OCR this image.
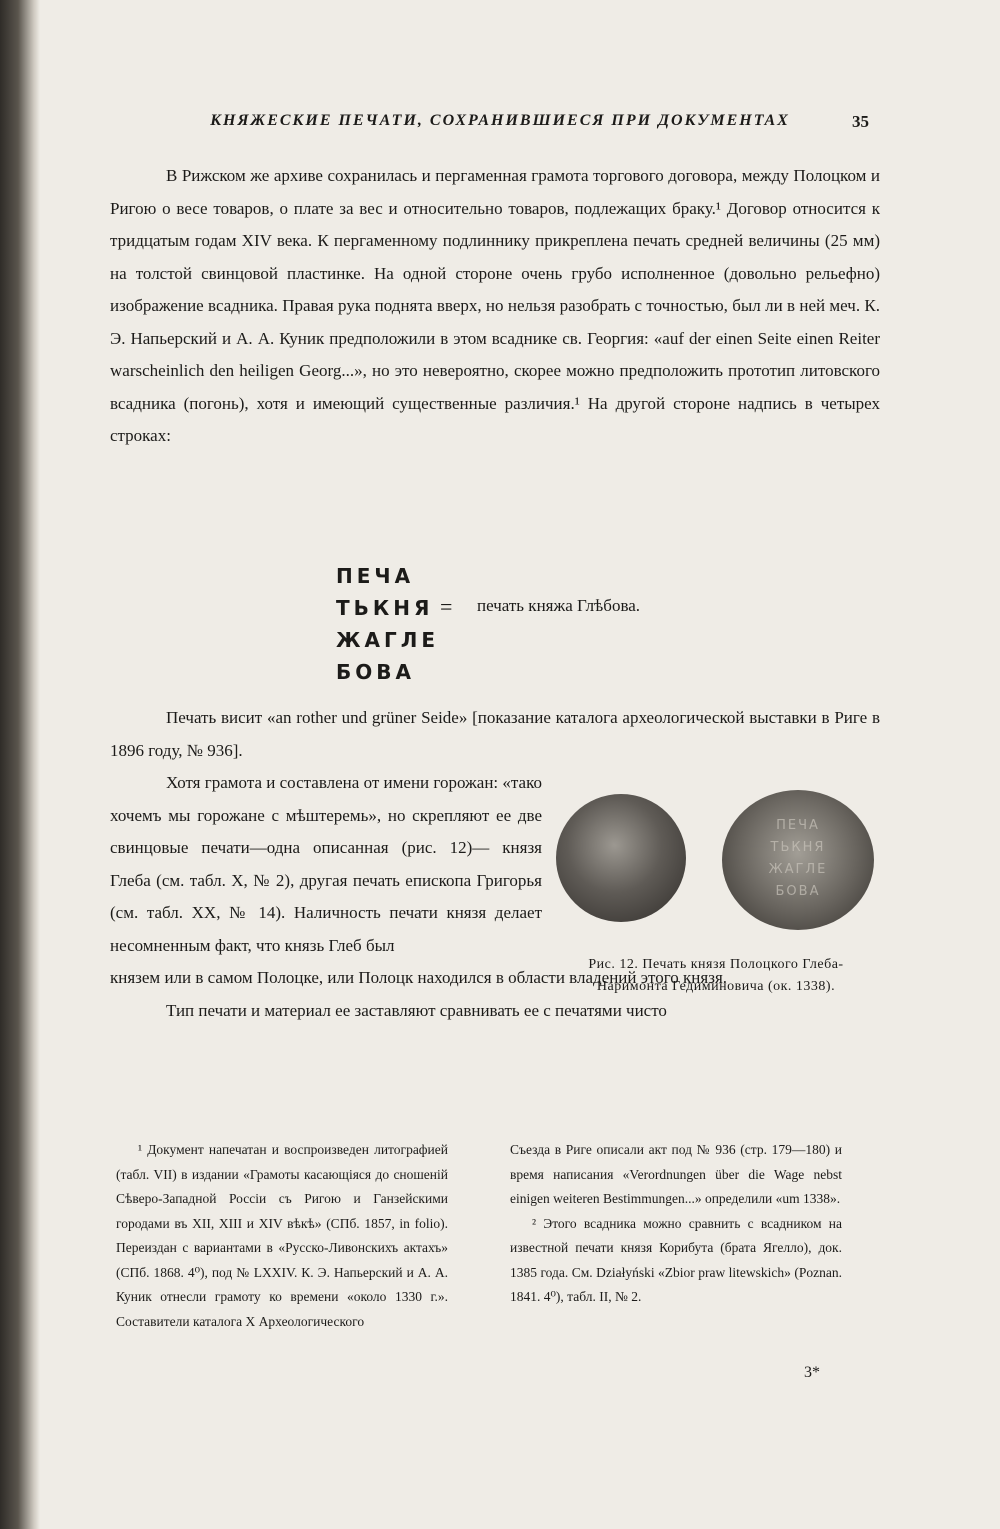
КНЯЖЕСКИЕ ПЕЧАТИ, СОХРАНИВШИЕСЯ ПРИ ДОКУМЕНТАХ	35

В Рижском же архиве сохранилась и пергаменная грамота торгового договора, между Полоцком и Ригою о весе товаров, о плате за вес и относительно товаров, подлежащих браку.¹ Договор относится к тридцатым годам XIV века. К пергаменному подлиннику прикреплена печать средней величины (25 мм) на толстой свинцовой пластинке. На одной стороне очень грубо исполненное (довольно рельефно) изображение всадника. Правая рука поднята вверх, но нельзя разобрать с точностью, был ли в ней меч. К. Э. Напьерский и А. А. Куник предположили в этом всаднике св. Георгия: «auf der einen Seite einen Reiter warscheinlich den heiligen Georg...», но это невероятно, скорее можно предположить прототип литовского всадника (погонь), хотя и имеющий существенные различия.¹ На другой стороне надпись в четырех строках:

ПЕЧА
ТЬКНЯ
ЖАГЛЕ
БОВА
= печать княжа Глѣбова.

Печать висит «an rother und grüner Seide» [показание каталога археологической выставки в Риге в 1896 году, № 936].

Хотя грамота и составлена от имени горожан: «тако хочемъ мы горожане с мѣштеремь», но скрепляют ее две свинцовые печати—одна описанная (рис. 12)— князя Глеба (см. табл. X, № 2), другая печать епископа Григорья (см. табл. XX, № 14). Наличность печати князя делает несомненным факт, что князь Глеб был

князем или в самом Полоцке, или Полоцк находился в области владений этого князя.

Тип печати и материал ее заставляют сравнивать ее с печатями чисто

ПЕЧА
ТЬКНЯ
ЖАГЛЕ
БОВА
Рис. 12. Печать князя Полоцкого Глеба-
Наримонта Гедиминовича (ок. 1338).

¹ Документ напечатан и воспроизведен литографией (табл. VII) в издании «Грамоты касающіяся до сношеній Сѣверо-Западной Россіи съ Ригою и Ганзейскими городами въ XII, XIII и XIV вѣкѣ» (СПб. 1857, in folio). Переиздан с вариантами в «Русско-Ливонскихъ актахъ» (СПб. 1868. 4⁰), под № LXXIV. К. Э. Напьерский и А. А. Куник отнесли грамоту ко времени «около 1330 г.». Составители каталога X Археологического

Съезда в Риге описали акт под № 936 (стр. 179—180) и время написания «Verordnungen über die Wage nebst einigen weiteren Bestimmungen...» определили «um 1338».

² Этого всадника можно сравнить с всадником на известной печати князя Корибута (брата Ягелло), док. 1385 года. См. Działyński «Zbior praw litewskich» (Poznan. 1841. 4⁰), табл. II, № 2.

3*
